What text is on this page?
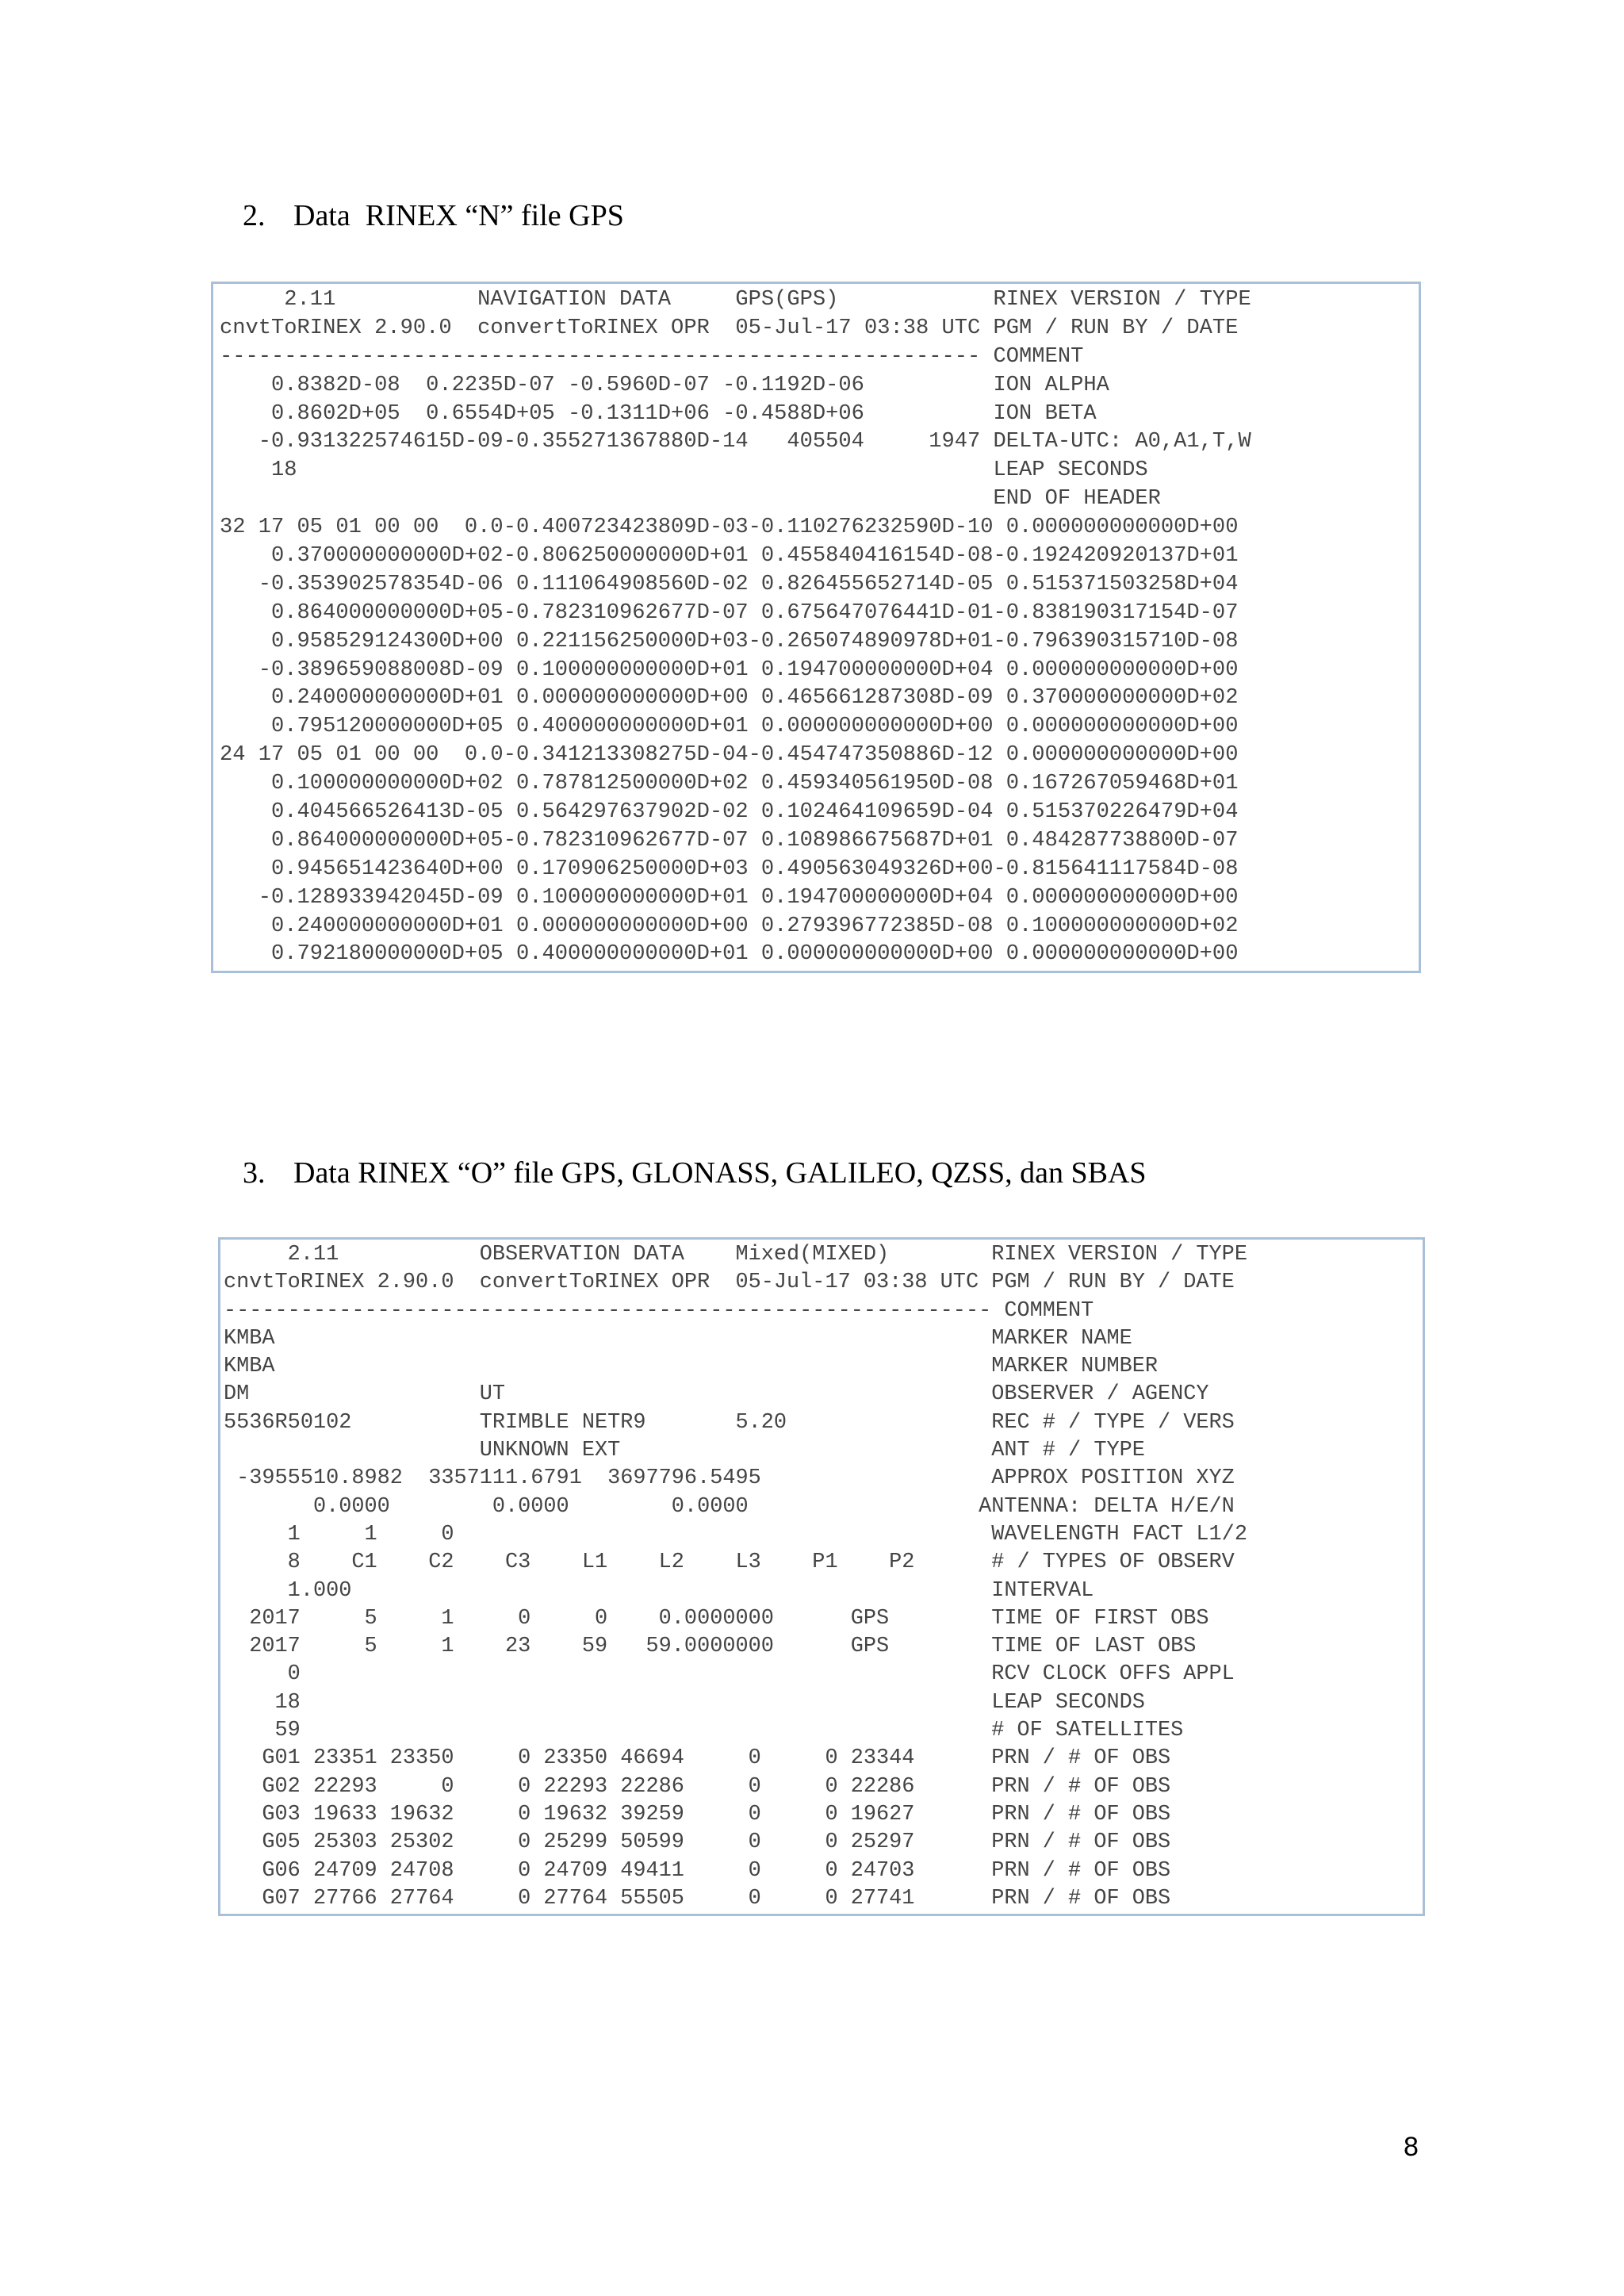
2. Data  RINEX “N” file GPS
2.11           NAVIGATION DATA     GPS(GPS)            RINEX VERSION / TYPE
cnvtToRINEX 2.90.0  convertToRINEX OPR  05-Jul-17 03:38 UTC PGM / RUN BY / DATE
----------------------------------------------------------- COMMENT
0.8382D-08  0.2235D-07 -0.5960D-07 -0.1192D-06          ION ALPHA
0.8602D+05  0.6554D+05 -0.1311D+06 -0.4588D+06          ION BETA
-0.931322574615D-09-0.355271367880D-14   405504     1947 DELTA-UTC: A0,A1,T,W
18                                                      LEAP SECONDS
END OF HEADER
32 17 05 01 00 00  0.0-0.400723423809D-03-0.110276232590D-10 0.000000000000D+00
0.370000000000D+02-0.806250000000D+01 0.455840416154D-08-0.192420920137D+01
-0.353902578354D-06 0.111064908560D-02 0.826455652714D-05 0.515371503258D+04
0.864000000000D+05-0.782310962677D-07 0.675647076441D-01-0.838190317154D-07
0.958529124300D+00 0.221156250000D+03-0.265074890978D+01-0.796390315710D-08
-0.389659088008D-09 0.100000000000D+01 0.194700000000D+04 0.000000000000D+00
0.240000000000D+01 0.000000000000D+00 0.465661287308D-09 0.370000000000D+02
0.795120000000D+05 0.400000000000D+01 0.000000000000D+00 0.000000000000D+00
24 17 05 01 00 00  0.0-0.341213308275D-04-0.454747350886D-12 0.000000000000D+00
0.100000000000D+02 0.787812500000D+02 0.459340561950D-08 0.167267059468D+01
0.404566526413D-05 0.564297637902D-02 0.102464109659D-04 0.515370226479D+04
0.864000000000D+05-0.782310962677D-07 0.108986675687D+01 0.484287738800D-07
0.945651423640D+00 0.170906250000D+03 0.490563049326D+00-0.815641117584D-08
-0.128933942045D-09 0.100000000000D+01 0.194700000000D+04 0.000000000000D+00
0.240000000000D+01 0.000000000000D+00 0.279396772385D-08 0.100000000000D+02
0.792180000000D+05 0.400000000000D+01 0.000000000000D+00 0.000000000000D+00
3. Data RINEX “O” file GPS, GLONASS, GALILEO, QZSS, dan SBAS
2.11           OBSERVATION DATA    Mixed(MIXED)        RINEX VERSION / TYPE
cnvtToRINEX 2.90.0  convertToRINEX OPR  05-Jul-17 03:38 UTC PGM / RUN BY / DATE
------------------------------------------------------------ COMMENT
KMBA                                                        MARKER NAME
KMBA                                                        MARKER NUMBER
DM                  UT                                      OBSERVER / AGENCY
5536R50102          TRIMBLE NETR9       5.20                REC # / TYPE / VERS
UNKNOWN EXT                             ANT # / TYPE
-3955510.8982  3357111.6791  3697796.5495                  APPROX POSITION XYZ
0.0000        0.0000        0.0000                  ANTENNA: DELTA H/E/N
1     1     0                                          WAVELENGTH FACT L1/2
8    C1    C2    C3    L1    L2    L3    P1    P2      # / TYPES OF OBSERV
1.000                                                  INTERVAL
2017     5     1     0     0    0.0000000      GPS        TIME OF FIRST OBS
2017     5     1    23    59   59.0000000      GPS        TIME OF LAST OBS
0                                                      RCV CLOCK OFFS APPL
18                                                      LEAP SECONDS
59                                                      # OF SATELLITES
G01 23351 23350     0 23350 46694     0     0 23344      PRN / # OF OBS
G02 22293     0     0 22293 22286     0     0 22286      PRN / # OF OBS
G03 19633 19632     0 19632 39259     0     0 19627      PRN / # OF OBS
G05 25303 25302     0 25299 50599     0     0 25297      PRN / # OF OBS
G06 24709 24708     0 24709 49411     0     0 24703      PRN / # OF OBS
G07 27766 27764     0 27764 55505     0     0 27741      PRN / # OF OBS
8
